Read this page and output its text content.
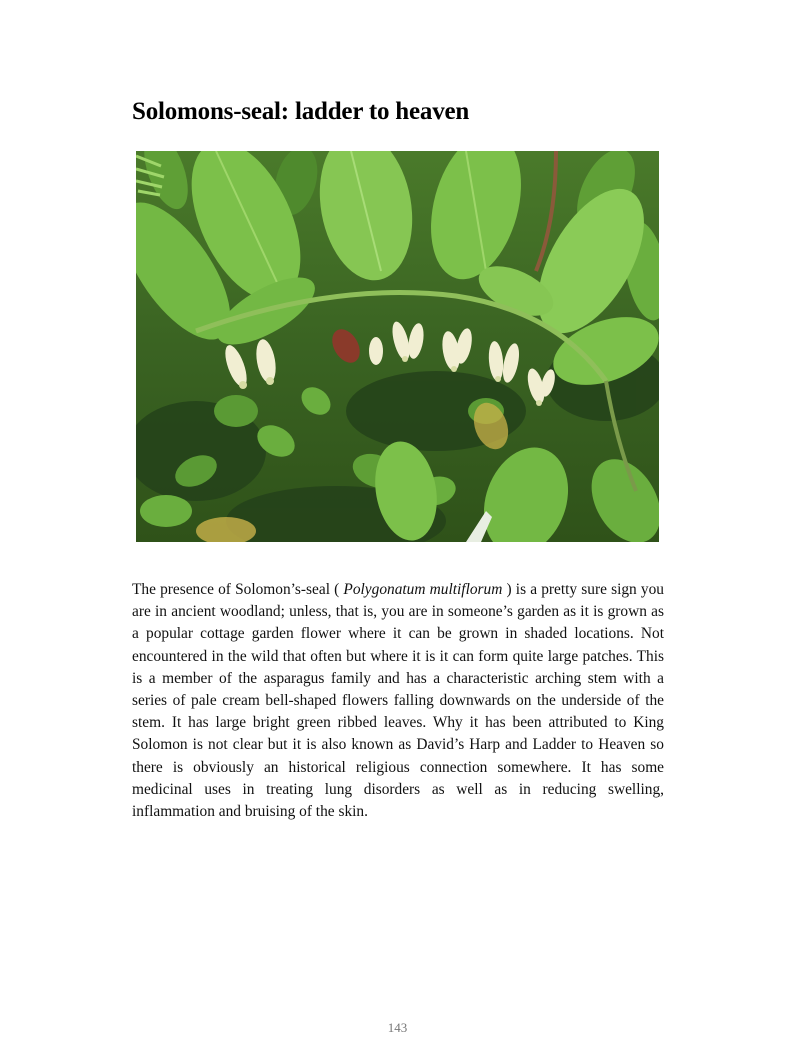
Solomons-seal: ladder to heaven

The presence of Solomon’s-seal ( Polygonatum multiflorum ) is a pretty sure sign you are in ancient woodland; unless, that is, you are in someone’s garden as it is grown as a popular cottage garden flower where it can be grown in shaded locations. Not encountered in the wild that often but where it is it can form quite large patches. This is a member of the asparagus family and has a characteristic arching stem with a series of pale cream bell-shaped flowers falling downwards on the underside of the stem. It has large bright green ribbed leaves. Why it has been attributed to King Solomon is not clear but it is also known as David’s Harp and Ladder to Heaven so there is obviously an historical religious connection somewhere. It has some medicinal uses in treating lung disorders as well as in reducing swelling, inflammation and bruising of the skin.

143
